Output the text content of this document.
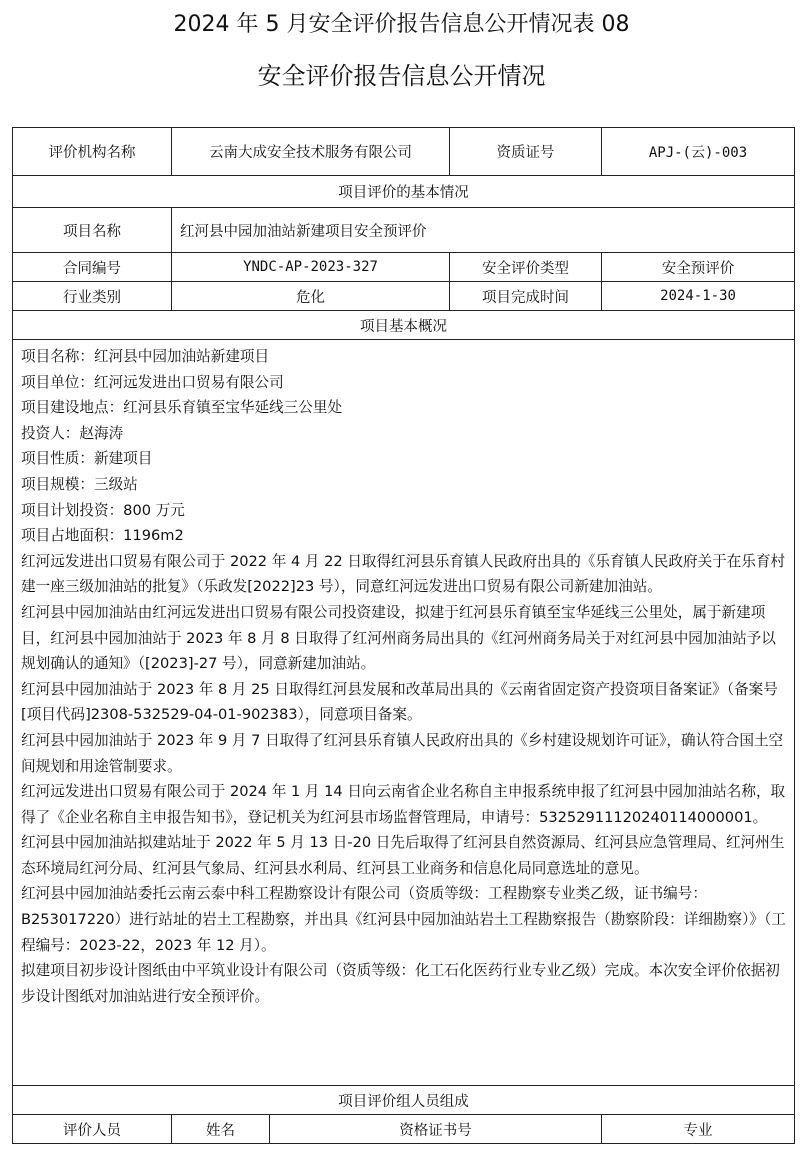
2024 年 5 月安全评价报告信息公开情况表 08
安全评价报告信息公开情况
评价机构名称	云南大成安全技术服务有限公司	资质证号	APJ-(云)-003
项目评价的基本情况
项目名称	红河县中园加油站新建项目安全预评价
合同编号	YNDC-AP-2023-327	安全评价类型	安全预评价
行业类别	危化	项目完成时间	2024-1-30
项目基本概况

项目名称：红河县中园加油站新建项目

项目单位：红河远发进出口贸易有限公司

项目建设地点：红河县乐育镇至宝华延线三公里处

投资人：赵海涛

项目性质：新建项目

项目规模：三级站

项目计划投资：800 万元

项目占地面积：1196m2

红河远发进出口贸易有限公司于 2022 年 4 月 22 日取得红河县乐育镇人民政府出具的《乐育镇人民政府关于在乐育村建一座三级加油站的批复》（乐政发[2022]23 号），同意红河远发进出口贸易有限公司新建加油站。

红河县中园加油站由红河远发进出口贸易有限公司投资建设，拟建于红河县乐育镇至宝华延线三公里处，属于新建项目，红河县中园加油站于 2023 年 8 月 8 日取得了红河州商务局出具的《红河州商务局关于对红河县中园加油站予以规划确认的通知》（[2023]-27 号），同意新建加油站。

红河县中园加油站于 2023 年 8 月 25 日取得红河县发展和改革局出具的《云南省固定资产投资项目备案证》（备案号[项目代码]2308-532529-04-01-902383），同意项目备案。

红河县中园加油站于 2023 年 9 月 7 日取得了红河县乐育镇人民政府出具的《乡村建设规划许可证》，确认符合国土空间规划和用途管制要求。

红河远发进出口贸易有限公司于 2024 年 1 月 14 日向云南省企业名称自主申报系统申报了红河县中园加油站名称，取得了《企业名称自主申报告知书》，登记机关为红河县市场监督管理局，申请号：53252911120240114000001。

红河县中园加油站拟建站址于 2022 年 5 月 13 日-20 日先后取得了红河县自然资源局、红河县应急管理局、红河州生态环境局红河分局、红河县气象局、红河县水利局、红河县工业商务和信息化局同意选址的意见。

红河县中园加油站委托云南云泰中科工程勘察设计有限公司（资质等级：工程勘察专业类乙级，证书编号：B253017220）进行站址的岩土工程勘察，并出具《红河县中园加油站岩土工程勘察报告（勘察阶段：详细勘察）》（工程编号：2023-22，2023 年 12 月）。

拟建项目初步设计图纸由中平筑业设计有限公司（资质等级：化工石化医药行业专业乙级）完成。本次安全评价依据初步设计图纸对加油站进行安全预评价。

项目评价组人员组成
评价人员	姓名	资格证书号	专业
